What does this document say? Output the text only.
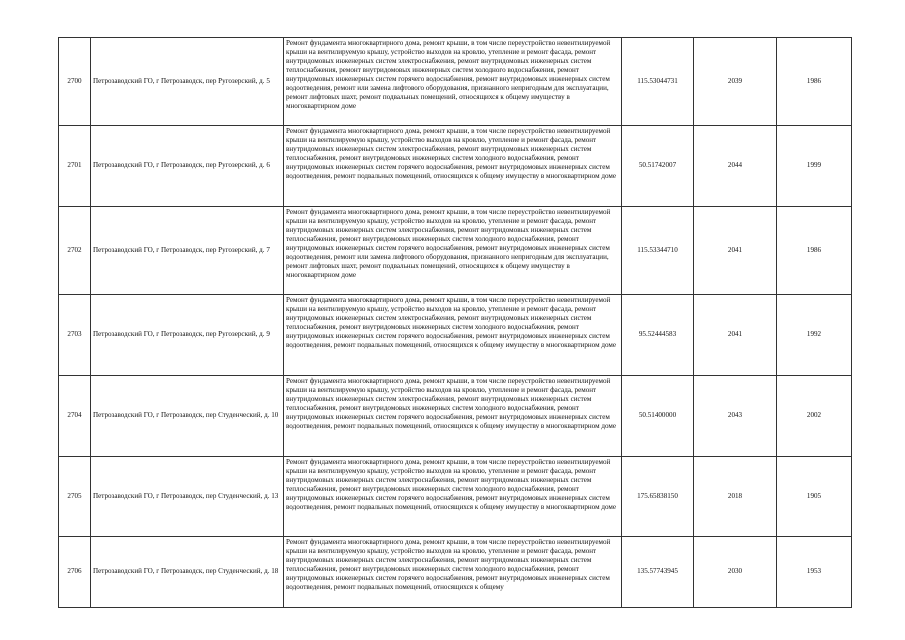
2700	Петрозаводский ГО, г Петрозаводск, пер Ругозерский, д. 5	Ремонт фундамента многоквартирного дома, ремонт крыши, в том числе переустройство невентилируемой крыши на вентилируемую крышу, устройство выходов на кровлю, утепление и ремонт фасада, ремонт внутридомовых инженерных систем электроснабжения, ремонт внутридомовых инженерных систем теплоснабжения, ремонт внутридомовых инженерных систем холодного водоснабжения, ремонт внутридомовых инженерных систем горячего водоснабжения, ремонт внутридомовых инженерных систем водоотведения, ремонт или замена лифтового оборудования, признанного непригодным для эксплуатации, ремонт лифтовых шахт, ремонт подвальных помещений, относящихся к общему имуществу в многоквартирном доме	115.53044731	2039	1986
2701	Петрозаводский ГО, г Петрозаводск, пер Ругозерский, д. 6	Ремонт фундамента многоквартирного дома, ремонт крыши, в том числе переустройство невентилируемой крыши на вентилируемую крышу, устройство выходов на кровлю, утепление и ремонт фасада, ремонт внутридомовых инженерных систем электроснабжения, ремонт внутридомовых инженерных систем теплоснабжения, ремонт внутридомовых инженерных систем холодного водоснабжения, ремонт внутридомовых инженерных систем горячего водоснабжения, ремонт внутридомовых инженерных систем водоотведения, ремонт подвальных помещений, относящихся к общему имуществу в многоквартирном доме	50.51742007	2044	1999
2702	Петрозаводский ГО, г Петрозаводск, пер Ругозерский, д. 7	Ремонт фундамента многоквартирного дома, ремонт крыши, в том числе переустройство невентилируемой крыши на вентилируемую крышу, устройство выходов на кровлю, утепление и ремонт фасада, ремонт внутридомовых инженерных систем электроснабжения, ремонт внутридомовых инженерных систем теплоснабжения, ремонт внутридомовых инженерных систем холодного водоснабжения, ремонт внутридомовых инженерных систем горячего водоснабжения, ремонт внутридомовых инженерных систем водоотведения, ремонт или замена лифтового оборудования, признанного непригодным для эксплуатации, ремонт лифтовых шахт, ремонт подвальных помещений, относящихся к общему имуществу в многоквартирном доме	115.53344710	2041	1986
2703	Петрозаводский ГО, г Петрозаводск, пер Ругозерский, д. 9	Ремонт фундамента многоквартирного дома, ремонт крыши, в том числе переустройство невентилируемой крыши на вентилируемую крышу, устройство выходов на кровлю, утепление и ремонт фасада, ремонт внутридомовых инженерных систем электроснабжения, ремонт внутридомовых инженерных систем теплоснабжения, ремонт внутридомовых инженерных систем холодного водоснабжения, ремонт внутридомовых инженерных систем горячего водоснабжения, ремонт внутридомовых инженерных систем водоотведения, ремонт подвальных помещений, относящихся к общему имуществу в многоквартирном доме	95.52444583	2041	1992
2704	Петрозаводский ГО, г Петрозаводск, пер Студенческий, д. 10	Ремонт фундамента многоквартирного дома, ремонт крыши, в том числе переустройство невентилируемой крыши на вентилируемую крышу, устройство выходов на кровлю, утепление и ремонт фасада, ремонт внутридомовых инженерных систем электроснабжения, ремонт внутридомовых инженерных систем теплоснабжения, ремонт внутридомовых инженерных систем холодного водоснабжения, ремонт внутридомовых инженерных систем горячего водоснабжения, ремонт внутридомовых инженерных систем водоотведения, ремонт подвальных помещений, относящихся к общему имуществу в многоквартирном доме	50.51400000	2043	2002
2705	Петрозаводский ГО, г Петрозаводск, пер Студенческий, д. 13	Ремонт фундамента многоквартирного дома, ремонт крыши, в том числе переустройство невентилируемой крыши на вентилируемую крышу, устройство выходов на кровлю, утепление и ремонт фасада, ремонт внутридомовых инженерных систем электроснабжения, ремонт внутридомовых инженерных систем теплоснабжения, ремонт внутридомовых инженерных систем холодного водоснабжения, ремонт внутридомовых инженерных систем горячего водоснабжения, ремонт внутридомовых инженерных систем водоотведения, ремонт подвальных помещений, относящихся к общему имуществу в многоквартирном доме	175.65838150	2018	1905
2706	Петрозаводский ГО, г Петрозаводск, пер Студенческий, д. 18	Ремонт фундамента многоквартирного дома, ремонт крыши, в том числе переустройство невентилируемой крыши на вентилируемую крышу, устройство выходов на кровлю, утепление и ремонт фасада, ремонт внутридомовых инженерных систем электроснабжения, ремонт внутридомовых инженерных систем теплоснабжения, ремонт внутридомовых инженерных систем холодного водоснабжения, ремонт внутридомовых инженерных систем горячего водоснабжения, ремонт внутридомовых инженерных систем водоотведения, ремонт подвальных помещений, относящихся к общему	135.57743945	2030	1953
